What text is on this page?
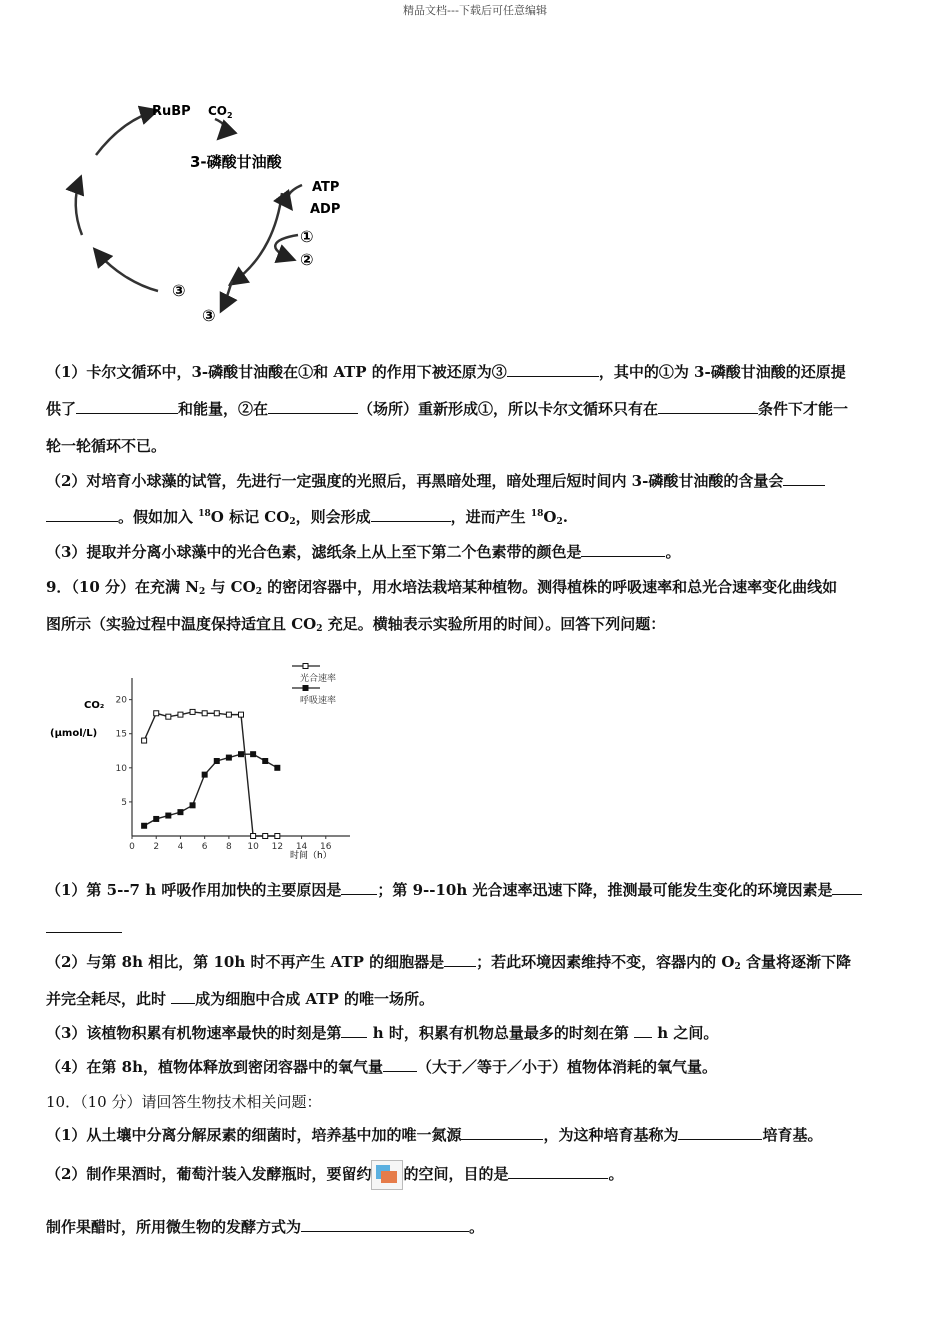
精品文档---下载后可任意编辑
RuBP $CO_2$
3-磷酸甘油酸
ATP
ADP
①
②
③
③
（1）卡尔文循环中，3-磷酸甘油酸在①和 ATP 的作用下被还原为③	，其中的①为 3-磷酸甘油酸的还原提
供了	和能量，②在	（场所）重新形成①，所以卡尔文循环只有在	条件下才能一
轮一轮循环不已。
（2）对培育小球藻的试管，先进行一定强度的光照后，再黑暗处理，暗处理后短时间内 3-磷酸甘油酸的含量会
。假如加入 $^{18}$O 标记 $CO_2$，则会形成	，进而产生 $^{18}O_2$.
（3）提取并分离小球藻中的光合色素，滤纸条上从上至下第二个色素带的颜色是	。
9．（10 分）在充满 $N_2$ 与 $CO_2$ 的密闭容器中，用水培法栽培某种植物。测得植株的呼吸速率和总光合速率变化曲线如
图所示（实验过程中温度保持适宜且 $CO_2$ 充足。横轴表示实验所用的时间）。回答下列问题：
CO₂
(μmol/L)
时间（h）
0 2 4 6 8 10 12 14 16
5
10
15
20
光合速率
呼吸速率
（1）第 5--7 h 呼吸作用加快的主要原因是 ；第 9--10h 光合速率迅速下降，推测最可能发生变化的环境因素是
（2）与第 8h 相比，第 10h 时不再产生 ATP 的细胞器是 ；若此环境因素维持不变，容器内的 $O_2$ 含量将逐渐下降
并完全耗尽，此时 成为细胞中合成 ATP 的唯一场所。
（3）该植物积累有机物速率最快的时刻是第 h 时，积累有机物总量最多的时刻在第 h 之间。
（4）在第 8h，植物体释放到密闭容器中的氧气量 （大于／等于／小于）植物体消耗的氧气量。
10．（10 分）请回答生物技术相关问题：
（1）从土壤中分离分解尿素的细菌时，培养基中加的唯一氮源	，为这种培育基称为	培育基。
（2）制作果酒时，葡萄汁装入发酵瓶时，要留约 的空间，目的是	。
制作果醋时，所用微生物的发酵方式为	。
